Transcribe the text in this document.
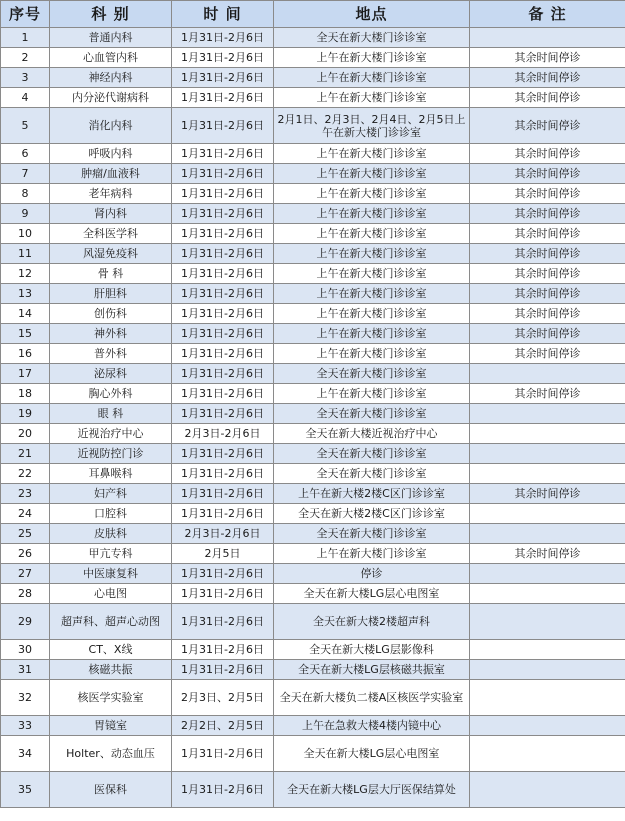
序号	科 别	时 间	地点	备 注
1	普通内科	1月31日-2月6日	全天在新大楼门诊诊室	
2	心血管内科	1月31日-2月6日	上午在新大楼门诊诊室	其余时间停诊
3	神经内科	1月31日-2月6日	上午在新大楼门诊诊室	其余时间停诊
4	内分泌代谢病科	1月31日-2月6日	上午在新大楼门诊诊室	其余时间停诊
5	消化内科	1月31日-2月6日	2月1日、2月3日、2月4日、2月5日上午在新大楼门诊诊室	其余时间停诊
6	呼吸内科	1月31日-2月6日	上午在新大楼门诊诊室	其余时间停诊
7	肿瘤/血液科	1月31日-2月6日	上午在新大楼门诊诊室	其余时间停诊
8	老年病科	1月31日-2月6日	上午在新大楼门诊诊室	其余时间停诊
9	肾内科	1月31日-2月6日	上午在新大楼门诊诊室	其余时间停诊
10	全科医学科	1月31日-2月6日	上午在新大楼门诊诊室	其余时间停诊
11	风湿免疫科	1月31日-2月6日	上午在新大楼门诊诊室	其余时间停诊
12	骨 科	1月31日-2月6日	上午在新大楼门诊诊室	其余时间停诊
13	肝胆科	1月31日-2月6日	上午在新大楼门诊诊室	其余时间停诊
14	创伤科	1月31日-2月6日	上午在新大楼门诊诊室	其余时间停诊
15	神外科	1月31日-2月6日	上午在新大楼门诊诊室	其余时间停诊
16	普外科	1月31日-2月6日	上午在新大楼门诊诊室	其余时间停诊
17	泌尿科	1月31日-2月6日	全天在新大楼门诊诊室	
18	胸心外科	1月31日-2月6日	上午在新大楼门诊诊室	其余时间停诊
19	眼 科	1月31日-2月6日	全天在新大楼门诊诊室	
20	近视治疗中心	2月3日-2月6日	全天在新大楼近视治疗中心	
21	近视防控门诊	1月31日-2月6日	全天在新大楼门诊诊室	
22	耳鼻喉科	1月31日-2月6日	全天在新大楼门诊诊室	
23	妇产科	1月31日-2月6日	上午在新大楼2楼C区门诊诊室	其余时间停诊
24	口腔科	1月31日-2月6日	全天在新大楼2楼C区门诊诊室	
25	皮肤科	2月3日-2月6日	全天在新大楼门诊诊室	
26	甲亢专科	2月5日	上午在新大楼门诊诊室	其余时间停诊
27	中医康复科	1月31日-2月6日	停诊	
28	心电图	1月31日-2月6日	全天在新大楼LG层心电图室	
29	超声科、超声心动图	1月31日-2月6日	全天在新大楼2楼超声科	
30	CT、X线	1月31日-2月6日	全天在新大楼LG层影像科	
31	核磁共振	1月31日-2月6日	全天在新大楼LG层核磁共振室	
32	核医学实验室	2月3日、2月5日	全天在新大楼负二楼A区核医学实验室	
33	胃镜室	2月2日、2月5日	上午在急救大楼4楼内镜中心	
34	Holter、动态血压	1月31日-2月6日	全天在新大楼LG层心电图室	
35	医保科	1月31日-2月6日	全天在新大楼LG层大厅医保结算处	
